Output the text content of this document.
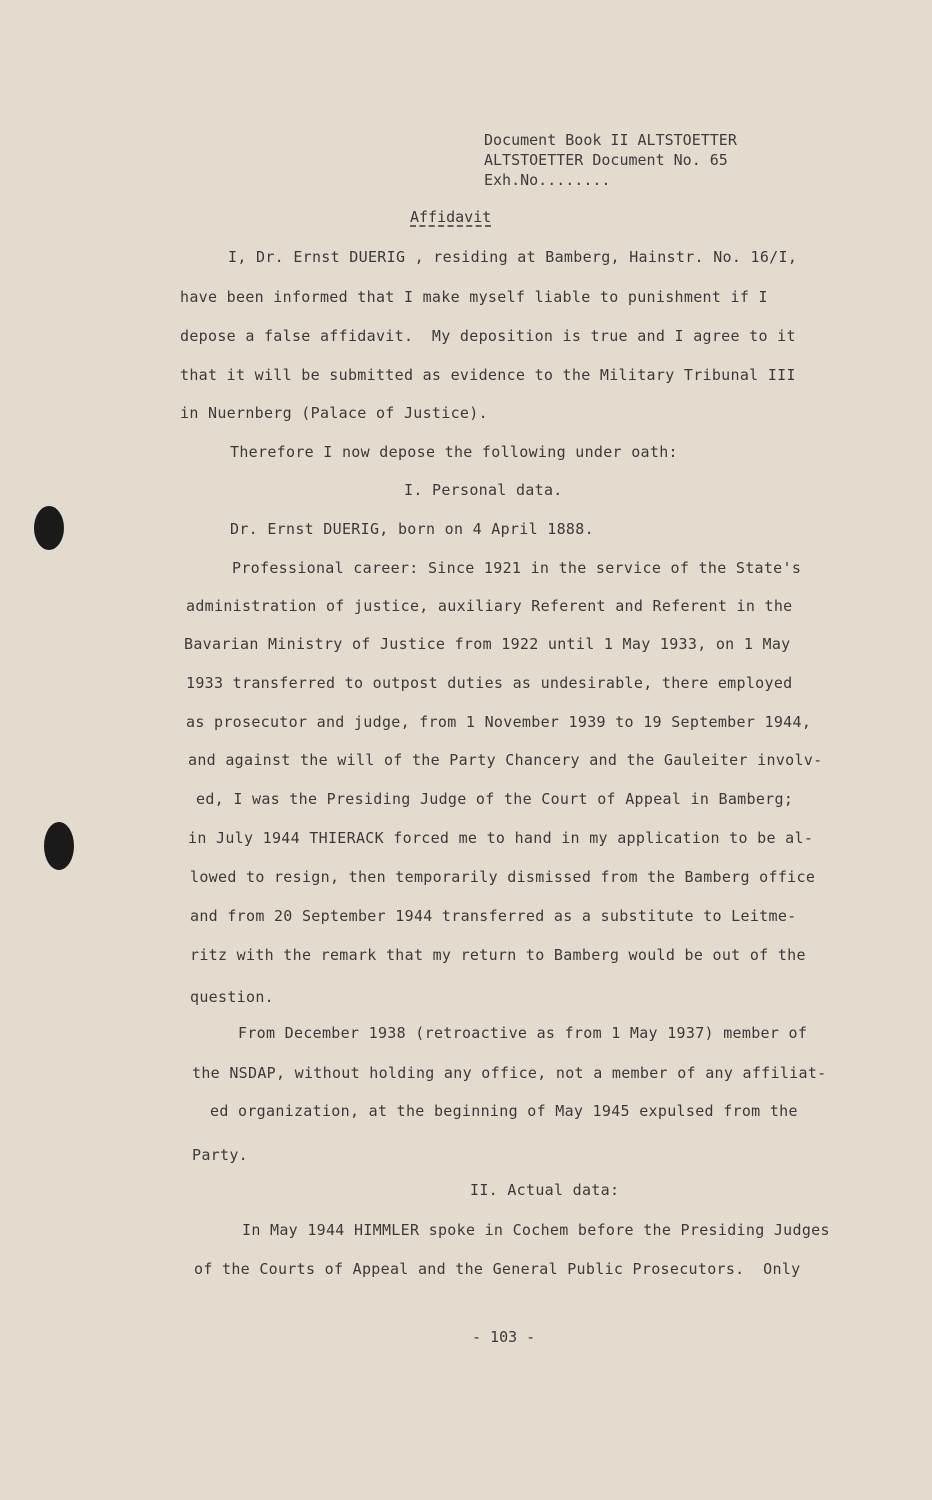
Document Book II ALTSTOETTER
ALTSTOETTER Document No. 65
Exh.No........
Affidavit
I, Dr. Ernst DUERIG , residing at Bamberg, Hainstr. No. 16/I,
have been informed that I make myself liable to punishment if I
depose a false affidavit.  My deposition is true and I agree to it
that it will be submitted as evidence to the Military Tribunal III
in Nuernberg (Palace of Justice).
Therefore I now depose the following under oath:
I. Personal data.
Dr. Ernst DUERIG, born on 4 April 1888.
Professional career: Since 1921 in the service of the State's
administration of justice, auxiliary Referent and Referent in the
Bavarian Ministry of Justice from 1922 until 1 May 1933, on 1 May
1933 transferred to outpost duties as undesirable, there employed
as prosecutor and judge, from 1 November 1939 to 19 September 1944,
and against the will of the Party Chancery and the Gauleiter involv-
ed, I was the Presiding Judge of the Court of Appeal in Bamberg;
in July 1944 THIERACK forced me to hand in my application to be al-
lowed to resign, then temporarily dismissed from the Bamberg office
and from 20 September 1944 transferred as a substitute to Leitme-
ritz with the remark that my return to Bamberg would be out of the
question.
From December 1938 (retroactive as from 1 May 1937) member of
the NSDAP, without holding any office, not a member of any affiliat-
ed organization, at the beginning of May 1945 expulsed from the
Party.
II. Actual data:
In May 1944 HIMMLER spoke in Cochem before the Presiding Judges
of the Courts of Appeal and the General Public Prosecutors.  Only
- 103 -
